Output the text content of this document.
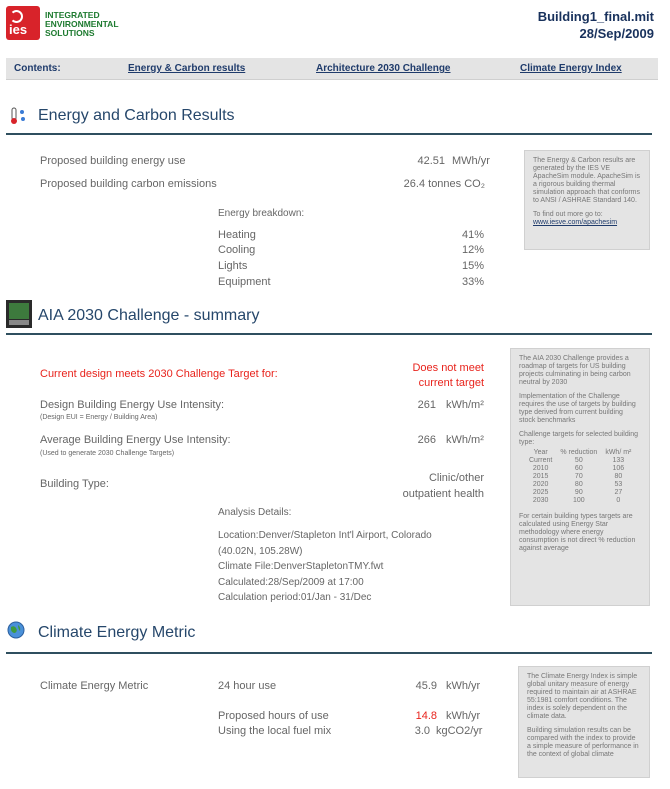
ies
INTEGRATED
ENVIRONMENTAL
SOLUTIONS
Building1_final.mit
28/Sep/2009
Contents:	Energy & Carbon results	Architecture 2030 Challenge	Climate Energy Index
Energy and Carbon Results
Proposed building energy use	42.51 MWh/yr
Proposed building carbon emissions	26.4 tonnes CO₂
Energy breakdown:
Heating	41%
Cooling	12%
Lights	15%
Equipment	33%

The Energy & Carbon results are generated by the IES VE ApacheSim module. ApacheSim is a rigorous building thermal simulation approach that conforms to ANSI / ASHRAE Standard 140.

To find out more go to:

www.iesve.com/apachesim
AIA 2030 Challenge - summary
Current design meets 2030 Challenge Target for:	Does not meet
current target
Design Building Energy Use Intensity:
(Design EUI = Energy / Building Area)
261 kWh/m²
Average Building Energy Use Intensity:
(Used to generate 2030 Challenge Targets)
266 kWh/m²
Building Type:	Clinic/other
outpatient health
Analysis Details:
Location:Denver/Stapleton Int'l Airport, Colorado
(40.02N, 105.28W)
Climate File:DenverStapletonTMY.fwt
Calculated:28/Sep/2009 at 17:00
Calculation period:01/Jan - 31/Dec

The AIA 2030 Challenge provides a roadmap of targets for US building projects culminating in being carbon neutral by 2030

Implementation of the Challenge requires the use of targets by building type derived from current building stock benchmarks

Challenge targets for selected building type:

Year	% reduction	kWh/ m²
Current	50	133
2010	60	106
2015	70	80
2020	80	53
2025	90	27
2030	100	0

For certain building types targets are calculated using Energy Star methodology where energy consumption is not direct % reduction against average

Climate Energy Metric
Climate Energy Metric	24 hour use	45.9 kWh/yr
Proposed hours of use	14.8 kWh/yr
Using the local fuel mix	3.0 kgCO2/yr

The Climate Energy Index is simple global unitary measure of energy required to maintain air at ASHRAE 55:1981 comfort conditions. The index is solely dependent on the climate data.

Building simulation results can be compared with the index to provide a simple measure of performance in the context of global climate
